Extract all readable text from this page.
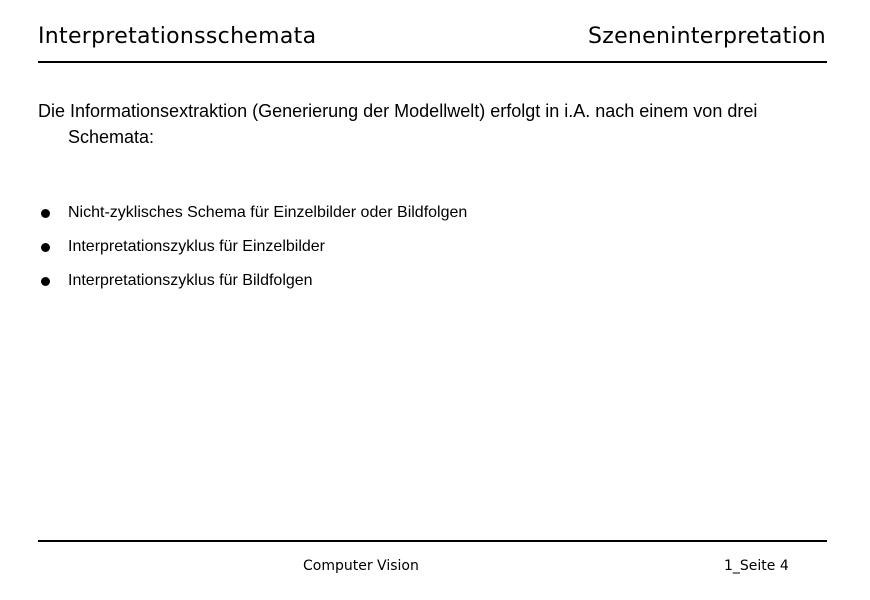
Interpretationsschemata	Szeneninterpretation

Die Informationsextraktion (Generierung der Modellwelt) erfolgt in i.A. nach einem von drei Schemata:

Nicht-zyklisches Schema für Einzelbilder oder Bildfolgen
Interpretationszyklus für Einzelbilder
Interpretationszyklus für Bildfolgen
Computer Vision	1_Seite 4
